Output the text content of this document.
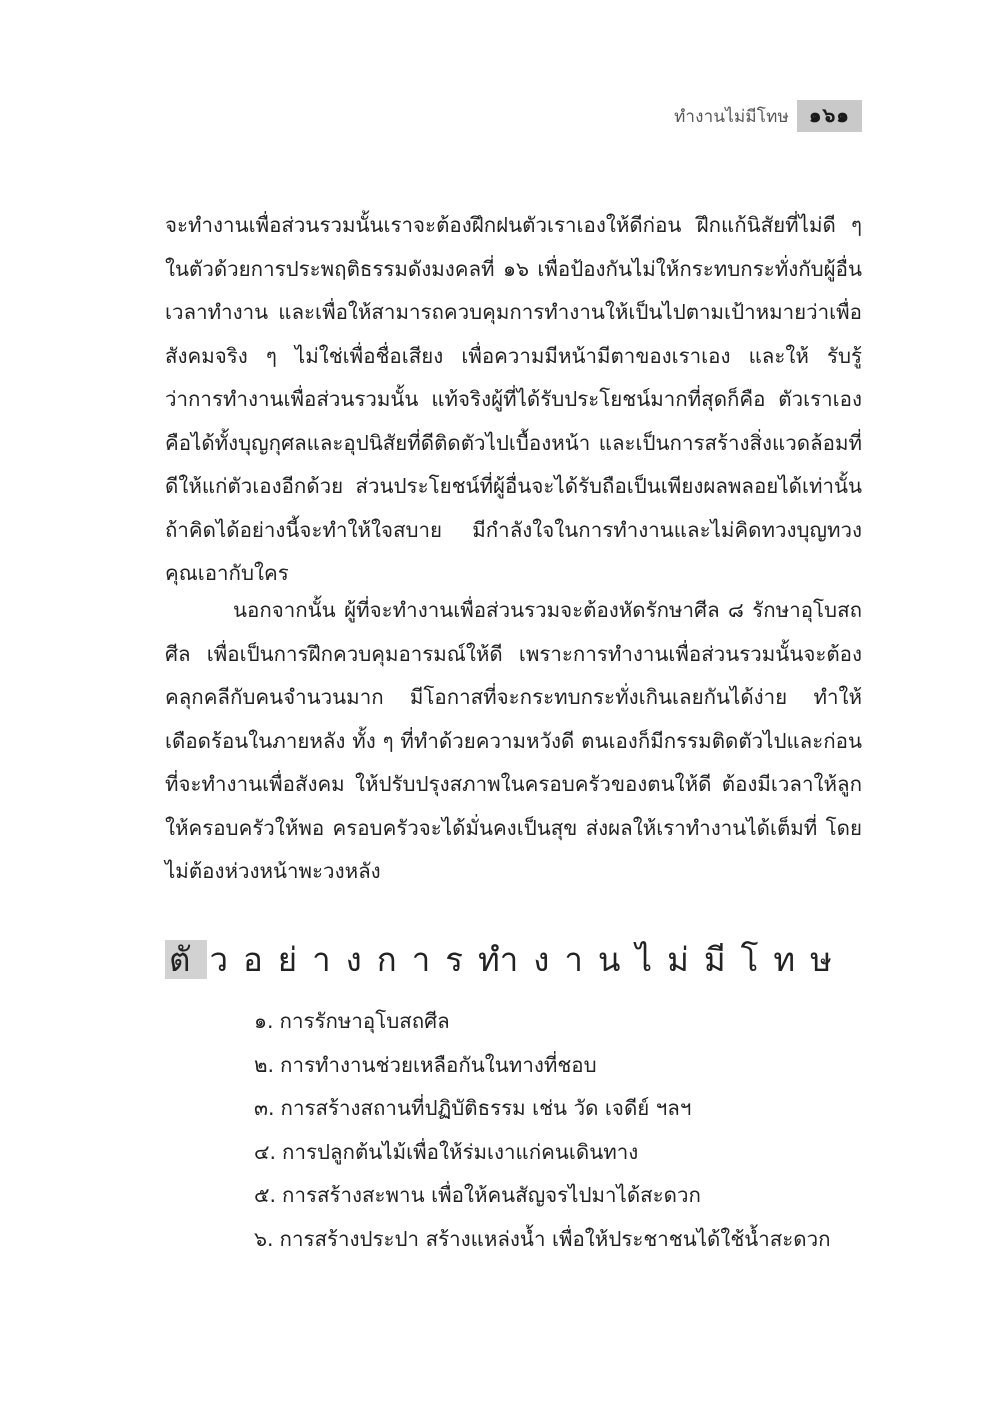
ทำงานไม่มีโทษ	๑๖๑

จะทำงานเพื่อส่วนรวมนั้นเราจะต้องฝึกฝนตัวเราเองให้ดีก่อน ฝึกแก้นิสัยที่ไม่ดี ๆ ในตัวด้วยการประพฤติธรรมดังมงคลที่ ๑๖ เพื่อป้องกันไม่ให้กระทบกระทั่งกับผู้อื่นเวลาทำงาน และเพื่อให้สามารถควบคุมการทำงานให้เป็นไปตามเป้าหมายว่าเพื่อสังคมจริง ๆ ไม่ใช่เพื่อชื่อเสียง เพื่อความมีหน้ามีตาของเราเอง และให้ รับรู้ว่าการทำงานเพื่อส่วนรวมนั้น แท้จริงผู้ที่ได้รับประโยชน์มากที่สุดก็คือ ตัวเราเอง คือได้ทั้งบุญกุศลและอุปนิสัยที่ดีติดตัวไปเบื้องหน้า และเป็นการสร้างสิ่งแวดล้อมที่ดีให้แก่ตัวเองอีกด้วย ส่วนประโยชน์ที่ผู้อื่นจะได้รับถือเป็นเพียงผลพลอยได้เท่านั้น ถ้าคิดได้อย่างนี้จะทำให้ใจสบาย มีกำลังใจในการทำงานและไม่คิดทวงบุญทวงคุณเอากับใคร

นอกจากนั้น ผู้ที่จะทำงานเพื่อส่วนรวมจะต้องหัดรักษาศีล ๘ รักษาอุโบสถศีล เพื่อเป็นการฝึกควบคุมอารมณ์ให้ดี เพราะการทำงานเพื่อส่วนรวมนั้นจะต้องคลุกคลีกับคนจำนวนมาก มีโอกาสที่จะกระทบกระทั่งเกินเลยกันได้ง่าย ทำให้เดือดร้อนในภายหลัง ทั้ง ๆ ที่ทำด้วยความหวังดี ตนเองก็มีกรรมติดตัวไปและก่อนที่จะทำงานเพื่อสังคม ให้ปรับปรุงสภาพในครอบครัวของตนให้ดี ต้องมีเวลาให้ลูกให้ครอบครัวให้พอ ครอบครัวจะได้มั่นคงเป็นสุข ส่งผลให้เราทำงานได้เต็มที่ โดยไม่ต้องห่วงหน้าพะวงหลัง

ตั วอย่างการทำงานไม่มีโทษ
๑. การรักษาอุโบสถศีล
๒. การทำงานช่วยเหลือกันในทางที่ชอบ
๓. การสร้างสถานที่ปฏิบัติธรรม เช่น วัด เจดีย์ ฯลฯ
๔. การปลูกต้นไม้เพื่อให้ร่มเงาแก่คนเดินทาง
๕. การสร้างสะพาน เพื่อให้คนสัญจรไปมาได้สะดวก
๖. การสร้างประปา สร้างแหล่งน้ำ เพื่อให้ประชาชนได้ใช้น้ำสะดวก
